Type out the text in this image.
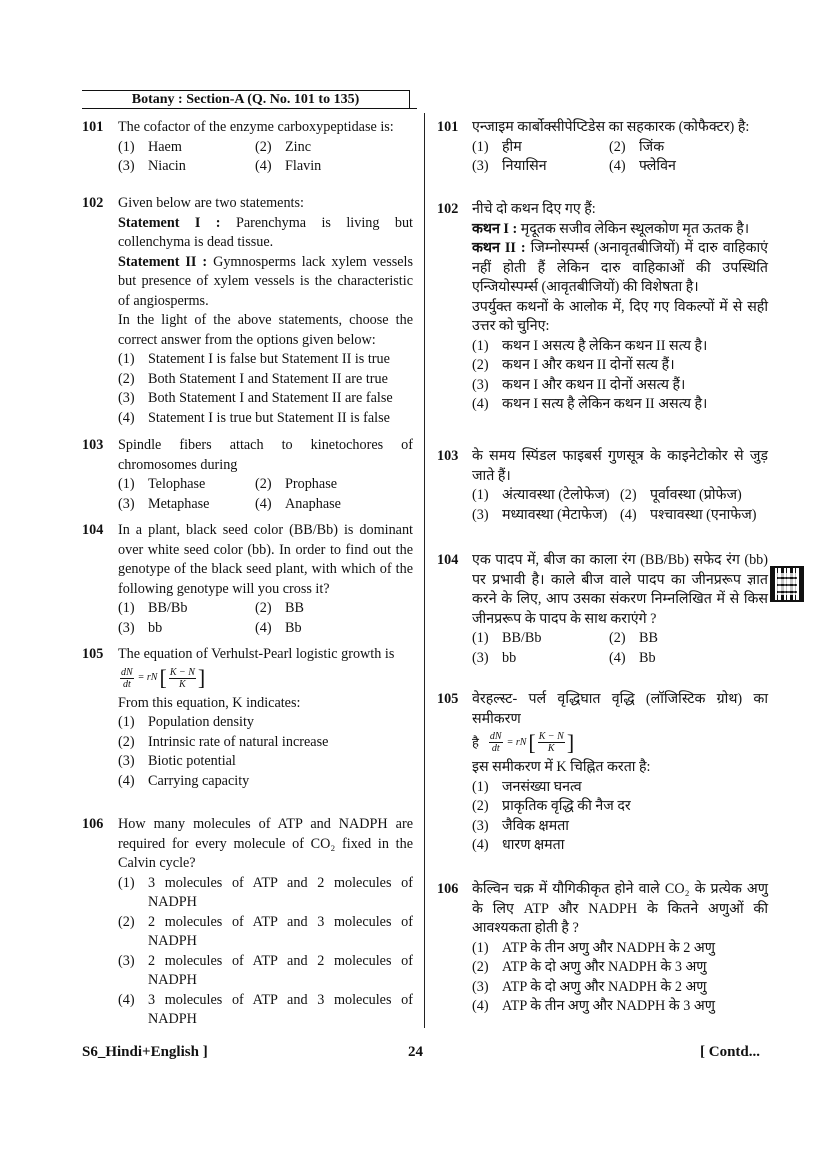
Botany : Section-A (Q. No. 101 to 135)
101 The cofactor of the enzyme carboxypeptidase is:
(1) Haem	(2) Zinc
(3) Niacin	(4) Flavin
102 Given below are two statements:
Statement I : Parenchyma is living but collenchyma is dead tissue.
Statement II : Gymnosperms lack xylem vessels but presence of xylem vessels is the characteristic of angiosperms.
In the light of the above statements, choose the correct answer from the options given below:
(1) Statement I is false but Statement II is true
(2) Both Statement I and Statement II are true
(3) Both Statement I and Statement II are false
(4) Statement I is true but Statement II is false
103 Spindle fibers attach to kinetochores of chromosomes during
(1) Telophase	(2) Prophase
(3) Metaphase	(4) Anaphase
104 In a plant, black seed color (BB/Bb) is dominant over white seed color (bb). In order to find out the genotype of the black seed plant, with which of the following genotype will you cross it?
(1) BB/Bb	(2) BB
(3) bb	(4) Bb
105 The equation of Verhulst-Pearl logistic growth is
$\frac{dN}{dt}$ = rN [ $\frac{K - N}{K}$ ]
From this equation, K indicates:
(1) Population density
(2) Intrinsic rate of natural increase
(3) Biotic potential
(4) Carrying capacity
106 How many molecules of ATP and NADPH are required for every molecule of CO₂ fixed in the Calvin cycle?
(1) 3 molecules of ATP and 2 molecules of NADPH
(2) 2 molecules of ATP and 3 molecules of NADPH
(3) 2 molecules of ATP and 2 molecules of NADPH
(4) 3 molecules of ATP and 3 molecules of NADPH
101 एन्जाइम कार्बोक्सीपेप्टिडेस का सहकारक (कोफैक्टर) है:
(1) हीम	(2) जिंक
(3) नियासिन	(4) फ्लेविन
102 नीचे दो कथन दिए गए हैं:
कथन I : मृदूतक सजीव लेकिन स्थूलकोण मृत ऊतक है।
कथन II : जिम्नोस्पर्म्स (अनावृतबीजियों) में दारु वाहिकाएं नहीं होती हैं लेकिन दारु वाहिकाओं की उपस्थिति एन्जियोस्पर्म्स (आवृतबीजियों) की विशेषता है।
उपर्युक्त कथनों के आलोक में, दिए गए विकल्पों में से सही उत्तर को चुनिए:
(1) कथन I असत्य है लेकिन कथन II सत्य है।
(2) कथन I और कथन II दोनों सत्य हैं।
(3) कथन I और कथन II दोनों असत्य हैं।
(4) कथन I सत्य है लेकिन कथन II असत्य है।
103 के समय स्पिंडल फाइबर्स गुणसूत्र के काइनेटोकोर से जुड़ जाते हैं।
(1) अंत्यावस्था (टेलोफेज) (2) पूर्वावस्था (प्रोफेज)
(3) मध्यावस्था (मेटाफेज) (4) पश्चावस्था (एनाफेज)
104 एक पादप में, बीज का काला रंग (BB/Bb) सफेद रंग (bb) पर प्रभावी है। काले बीज वाले पादप का जीनप्ररूप ज्ञात करने के लिए, आप उसका संकरण निम्नलिखित में से किस जीनप्ररूप के पादप के साथ कराएंगे ?
(1) BB/Bb	(2) BB
(3) bb	(4) Bb
105 वेरहल्स्ट- पर्ल वृद्धिघात वृद्धि (लॉजिस्टिक ग्रोथ) का समीकरण
है $\frac{dN}{dt}$ = rN [ $\frac{K - N}{K}$ ]
इस समीकरण में K चिह्नित करता है:
(1) जनसंख्या घनत्व
(2) प्राकृतिक वृद्धि की नैज दर
(3) जैविक क्षमता
(4) धारण क्षमता
106 केल्विन चक्र में यौगिकीकृत होने वाले CO₂ के प्रत्येक अणु के लिए ATP और NADPH के कितने अणुओं की आवश्यकता होती है ?
(1) ATP के तीन अणु और NADPH के 2 अणु
(2) ATP के दो अणु और NADPH के 3 अणु
(3) ATP के दो अणु और NADPH के 2 अणु
(4) ATP के तीन अणु और NADPH के 3 अणु
S6_Hindi+English ]	24	[ Contd...
